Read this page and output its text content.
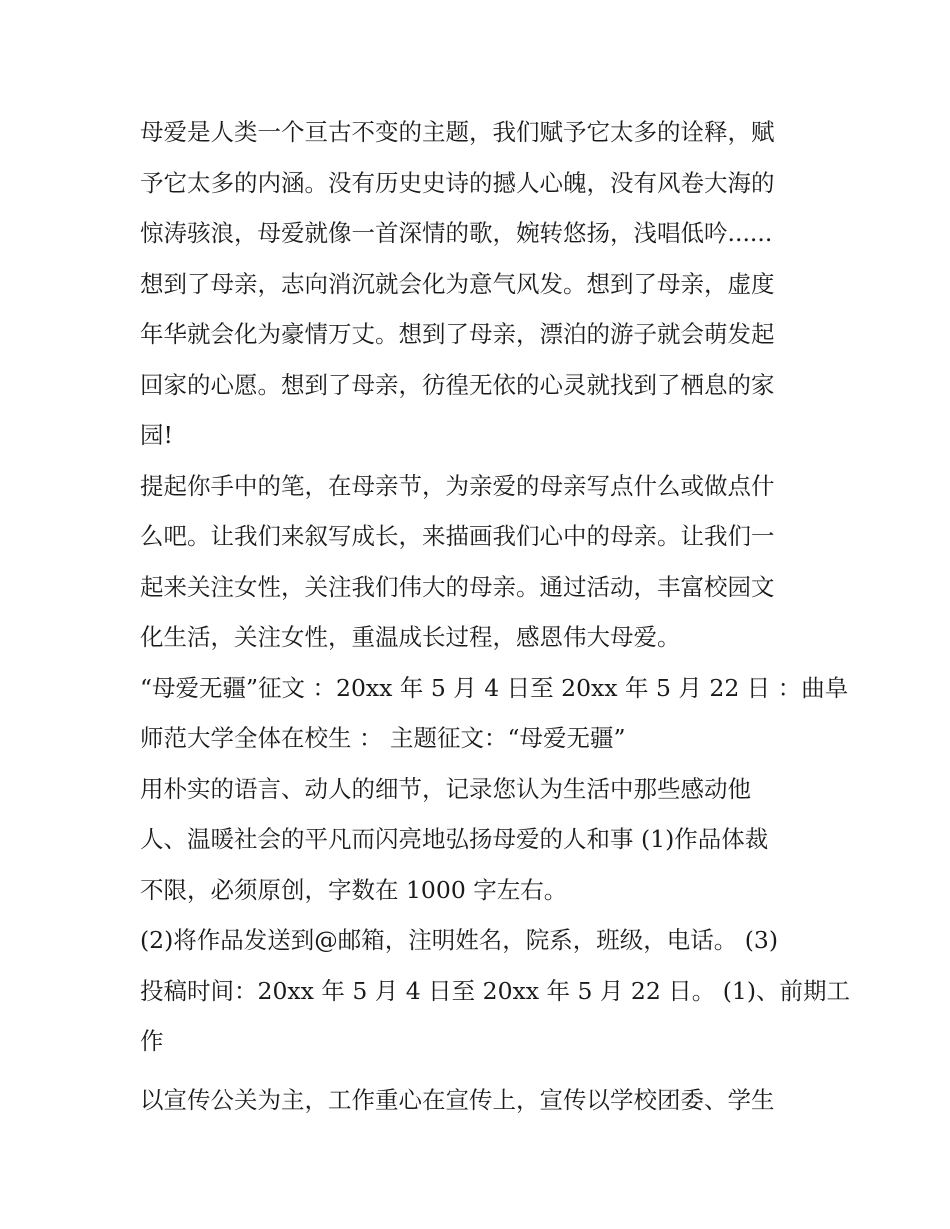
母爱是人类一个亘古不变的主题，我们赋予它太多的诠释，赋
予它太多的内涵。没有历史史诗的撼人心魄，没有风卷大海的
惊涛骇浪，母爱就像一首深情的歌，婉转悠扬，浅唱低吟......
想到了母亲，志向消沉就会化为意气风发。想到了母亲，虚度
年华就会化为豪情万丈。想到了母亲，漂泊的游子就会萌发起
回家的心愿。想到了母亲，彷徨无依的心灵就找到了栖息的家
园!
提起你手中的笔，在母亲节，为亲爱的母亲写点什么或做点什
么吧。让我们来叙写成长，来描画我们心中的母亲。让我们一
起来关注女性，关注我们伟大的母亲。通过活动，丰富校园文
化生活，关注女性，重温成长过程，感恩伟大母爱。
“母爱无疆”征文 ：20xx 年 5 月 4 日至 20xx 年 5 月 22 日 ：曲阜
师范大学全体在校生 ： 主题征文：“母爱无疆”
用朴实的语言、动人的细节，记录您认为生活中那些感动他
人、温暖社会的平凡而闪亮地弘扬母爱的人和事 (1)作品体裁
不限，必须原创，字数在 1000 字左右。
(2)将作品发送到@邮箱，注明姓名，院系，班级，电话。 (3)
投稿时间：20xx 年 5 月 4 日至 20xx 年 5 月 22 日。 (1)、前期工
作
以宣传公关为主，工作重心在宣传上，宣传以学校团委、学生
